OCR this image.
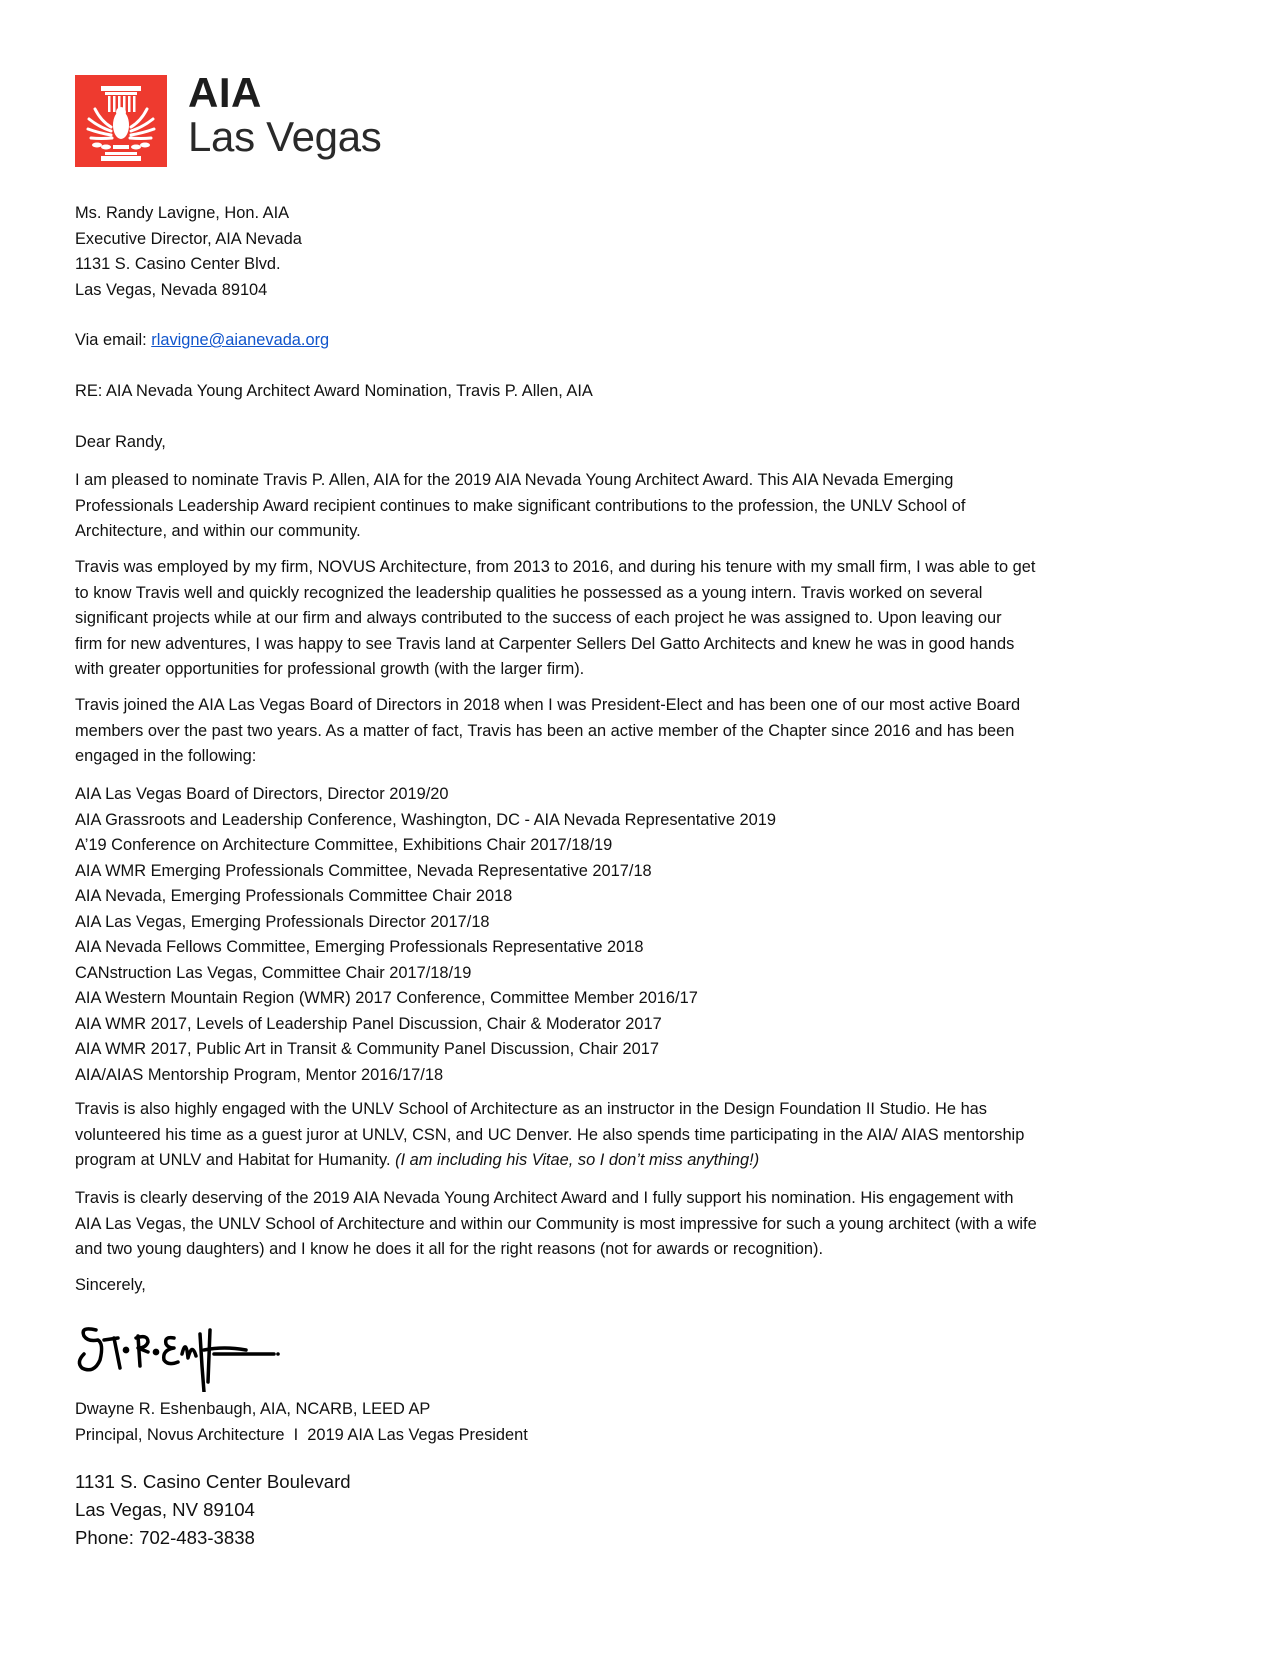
AIA
Las Vegas
Ms. Randy Lavigne, Hon. AIA
Executive Director, AIA Nevada
1131 S. Casino Center Blvd.
Las Vegas, Nevada 89104
Via email: rlavigne@aianevada.org
RE: AIA Nevada Young Architect Award Nomination, Travis P. Allen, AIA
Dear Randy,
I am pleased to nominate Travis P. Allen, AIA for the 2019 AIA Nevada Young Architect Award. This AIA Nevada Emerging
Professionals Leadership Award recipient continues to make significant contributions to the profession, the UNLV School of
Architecture, and within our community.
Travis was employed by my firm, NOVUS Architecture, from 2013 to 2016, and during his tenure with my small firm, I was able to get
to know Travis well and quickly recognized the leadership qualities he possessed as a young intern. Travis worked on several
significant projects while at our firm and always contributed to the success of each project he was assigned to. Upon leaving our
firm for new adventures, I was happy to see Travis land at Carpenter Sellers Del Gatto Architects and knew he was in good hands
with greater opportunities for professional growth (with the larger firm).
Travis joined the AIA Las Vegas Board of Directors in 2018 when I was President-Elect and has been one of our most active Board
members over the past two years. As a matter of fact, Travis has been an active member of the Chapter since 2016 and has been
engaged in the following:
AIA Las Vegas Board of Directors, Director 2019/20
AIA Grassroots and Leadership Conference, Washington, DC - AIA Nevada Representative 2019
A’19 Conference on Architecture Committee, Exhibitions Chair 2017/18/19
AIA WMR Emerging Professionals Committee, Nevada Representative 2017/18
AIA Nevada, Emerging Professionals Committee Chair 2018
AIA Las Vegas, Emerging Professionals Director 2017/18
AIA Nevada Fellows Committee, Emerging Professionals Representative 2018
CANstruction Las Vegas, Committee Chair 2017/18/19
AIA Western Mountain Region (WMR) 2017 Conference, Committee Member 2016/17
AIA WMR 2017, Levels of Leadership Panel Discussion, Chair & Moderator 2017
AIA WMR 2017, Public Art in Transit & Community Panel Discussion, Chair 2017
AIA/AIAS Mentorship Program, Mentor 2016/17/18
Travis is also highly engaged with the UNLV School of Architecture as an instructor in the Design Foundation II Studio. He has
volunteered his time as a guest juror at UNLV, CSN, and UC Denver. He also spends time participating in the AIA/ AIAS mentorship
program at UNLV and Habitat for Humanity. (I am including his Vitae, so I don’t miss anything!)
Travis is clearly deserving of the 2019 AIA Nevada Young Architect Award and I fully support his nomination. His engagement with
AIA Las Vegas, the UNLV School of Architecture and within our Community is most impressive for such a young architect (with a wife
and two young daughters) and I know he does it all for the right reasons (not for awards or recognition).
Sincerely,
Dwayne R. Eshenbaugh, AIA, NCARB, LEED AP
Principal, Novus Architecture  I  2019 AIA Las Vegas President
1131 S. Casino Center Boulevard
Las Vegas, NV 89104
Phone: 702-483-3838
